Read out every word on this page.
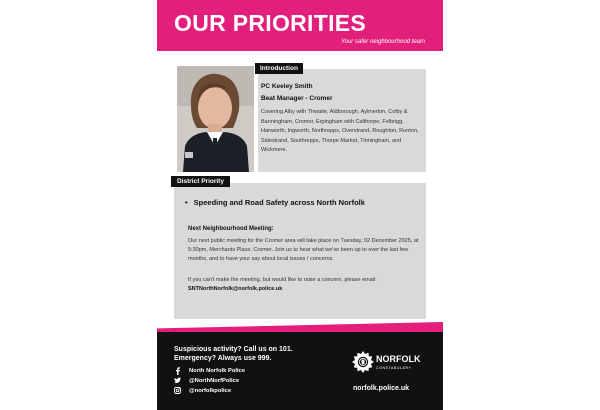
OUR PRIORITIES
Your safer neighbourhood team
Introduction
PC Keeley Smith
Beat Manager - Cromer
Covering Alby with Thwaite, Aldborough, Aylmerton, Colby & Banningham, Cromer, Erpingham with Calthorpe, Felbrigg, Hanworth, Ingworth, Northrepps, Overstrand, Roughton, Runton, Sidestrand, Southrepps, Thorpe Market, Trimingham, and Wickmere.
District Priority
• Speeding and Road Safety across North Norfolk
Next Neighbourhood Meeting:
Our next public meeting for the Cromer area will take place on Tuesday, 02 December 2025, at 5:30pm, Merchants Place, Cromer. Join us to hear what we've been up to over the last few months, and to have your say about local issues / concerns.
If you can't make the meeting, but would like to raise a concern, please email: SNTNorthNorfolk@norfolk.police.uk
Suspicious activity? Call us on 101.
Emergency? Always use 999.
North Norfolk Police
@NorthNorfPolice
@norfolkpolice
NORFOLK
CONSTABULARY
norfolk.police.uk
